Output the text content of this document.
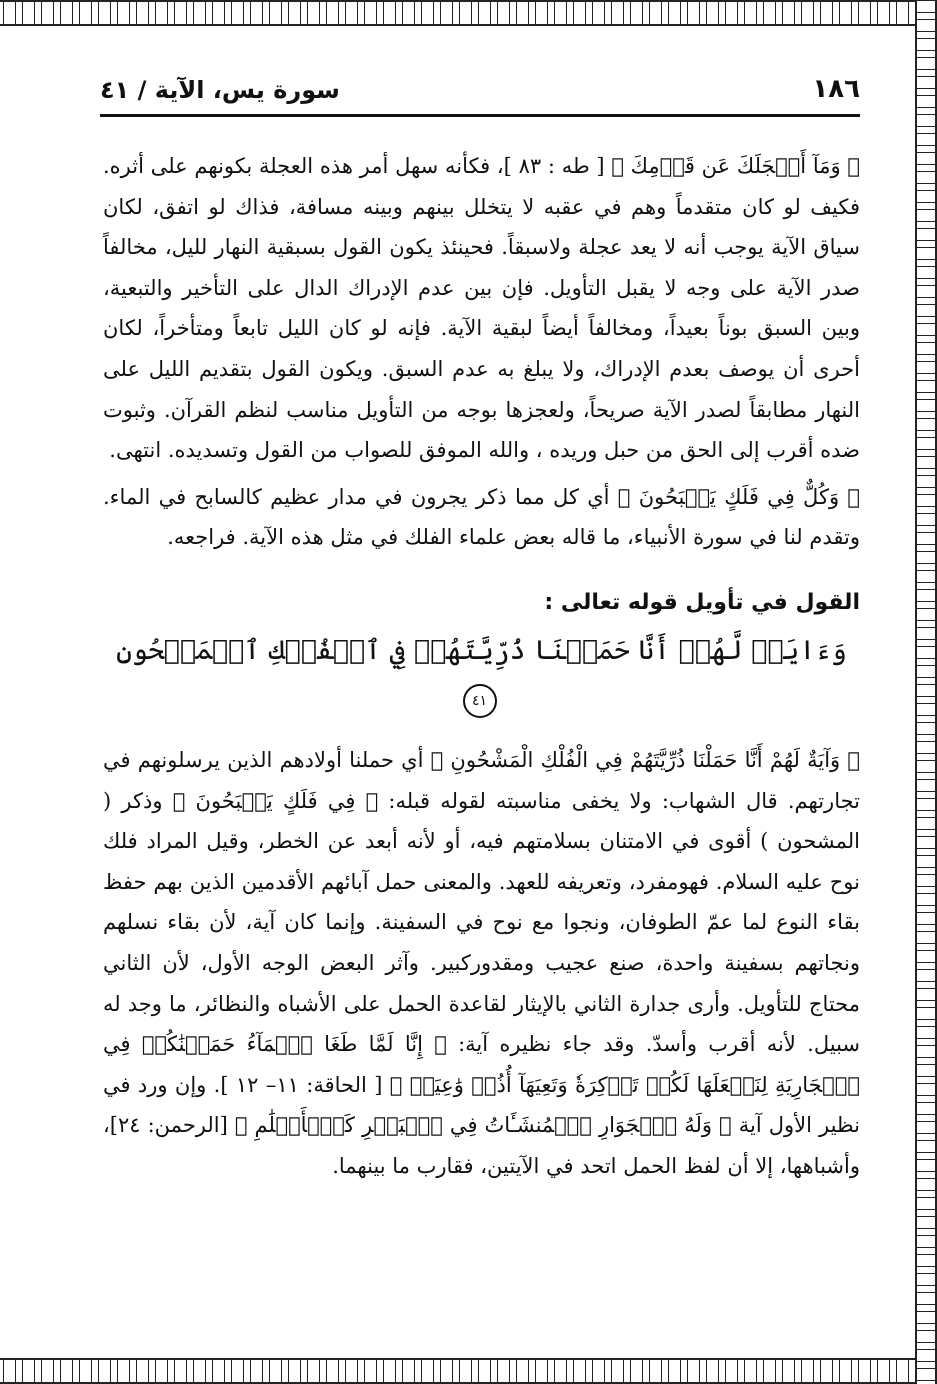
١٨٦
سورة يس، الآية / ٤١

﴿ وَمَآ أَعۡجَلَكَ عَن قَوۡمِكَ ﴾ [ طه : ٨٣ ]، فكأنه سهل أمر هذه العجلة بكونهم على أثره. فكيف لو كان متقدماً وهم في عقبه لا يتخلل بينهم وبينه مسافة، فذاك لو اتفق، لكان سياق الآية يوجب أنه لا يعد عجلة ولاسبقاً. فحينئذ يكون القول بسبقية النهار لليل، مخالفاً صدر الآية على وجه لا يقبل التأويل. فإن بين عدم الإدراك الدال على التأخير والتبعية، وبين السبق بوناً بعيداً، ومخالفاً أيضاً لبقية الآية. فإنه لو كان الليل تابعاً ومتأخراً، لكان أحرى أن يوصف بعدم الإدراك، ولا يبلغ به عدم السبق. ويكون القول بتقديم الليل على النهار مطابقاً لصدر الآية صريحاً، ولعجزها بوجه من التأويل مناسب لنظم القرآن. وثبوت ضده أقرب إلى الحق من حبل وريده ، والله الموفق للصواب من القول وتسديده. انتهى.

﴿ وَكُلٌّ فِي فَلَكٍ يَسۡبَحُونَ ﴾ أي كل مما ذكر يجرون في مدار عظيم كالسابح في الماء. وتقدم لنا في سورة الأنبياء، ما قاله بعض علماء الفلك في مثل هذه الآية. فراجعه.

القول في تأويل قوله تعالى :

وَءَايَةٞ لَّهُمۡ أَنَّا حَمَلۡنَا ذُرِّيَّتَهُمۡ فِي ٱلۡفُلۡكِ ٱلۡمَشۡحُونِ ٤١

﴿ وَآيَةٌ لَهُمْ أَنَّا حَمَلْنَا ذُرِّيَّتَهُمْ فِي الْفُلْكِ الْمَشْحُونِ ﴾ أي حملنا أولادهم الذين يرسلونهم في تجارتهم. قال الشهاب: ولا يخفى مناسبته لقوله قبله: ﴿ فِي فَلَكٍ يَسۡبَحُونَ ﴾ وذكر ( المشحون ) أقوى في الامتنان بسلامتهم فيه، أو لأنه أبعد عن الخطر، وقيل المراد فلك نوح عليه السلام. فهومفرد، وتعريفه للعهد. والمعنى حمل آبائهم الأقدمين الذين بهم حفظ بقاء النوع لما عمّ الطوفان، ونجوا مع نوح في السفينة. وإنما كان آية، لأن بقاء نسلهم ونجاتهم بسفينة واحدة، صنع عجيب ومقدوركبير. وآثر البعض الوجه الأول، لأن الثاني محتاج للتأويل. وأرى جدارة الثاني بالإيثار لقاعدة الحمل على الأشباه والنظائر، ما وجد له سبيل. لأنه أقرب وأسدّ. وقد جاء نظيره آية: ﴿ إِنَّا لَمَّا طَغَا ٱلۡمَآءُ حَمَلۡنَٰكُمۡ فِي ٱلۡجَارِيَةِ لِنَجۡعَلَهَا لَكُمۡ تَذۡكِرَةٗ وَتَعِيَهَآ أُذُنٞ وَٰعِيَةٞ ﴾ [ الحاقة: ١١– ١٢ ]. وإن ورد في نظير الأول آية ﴿ وَلَهُ ٱلۡجَوَارِ ٱلۡمُنشَـَٔاتُ فِي ٱلۡبَحۡرِ كَٱلۡأَعۡلَٰمِ ﴾ [الرحمن: ٢٤]، وأشباهها، إلا أن لفظ الحمل اتحد في الآيتين، فقارب ما بينهما.
